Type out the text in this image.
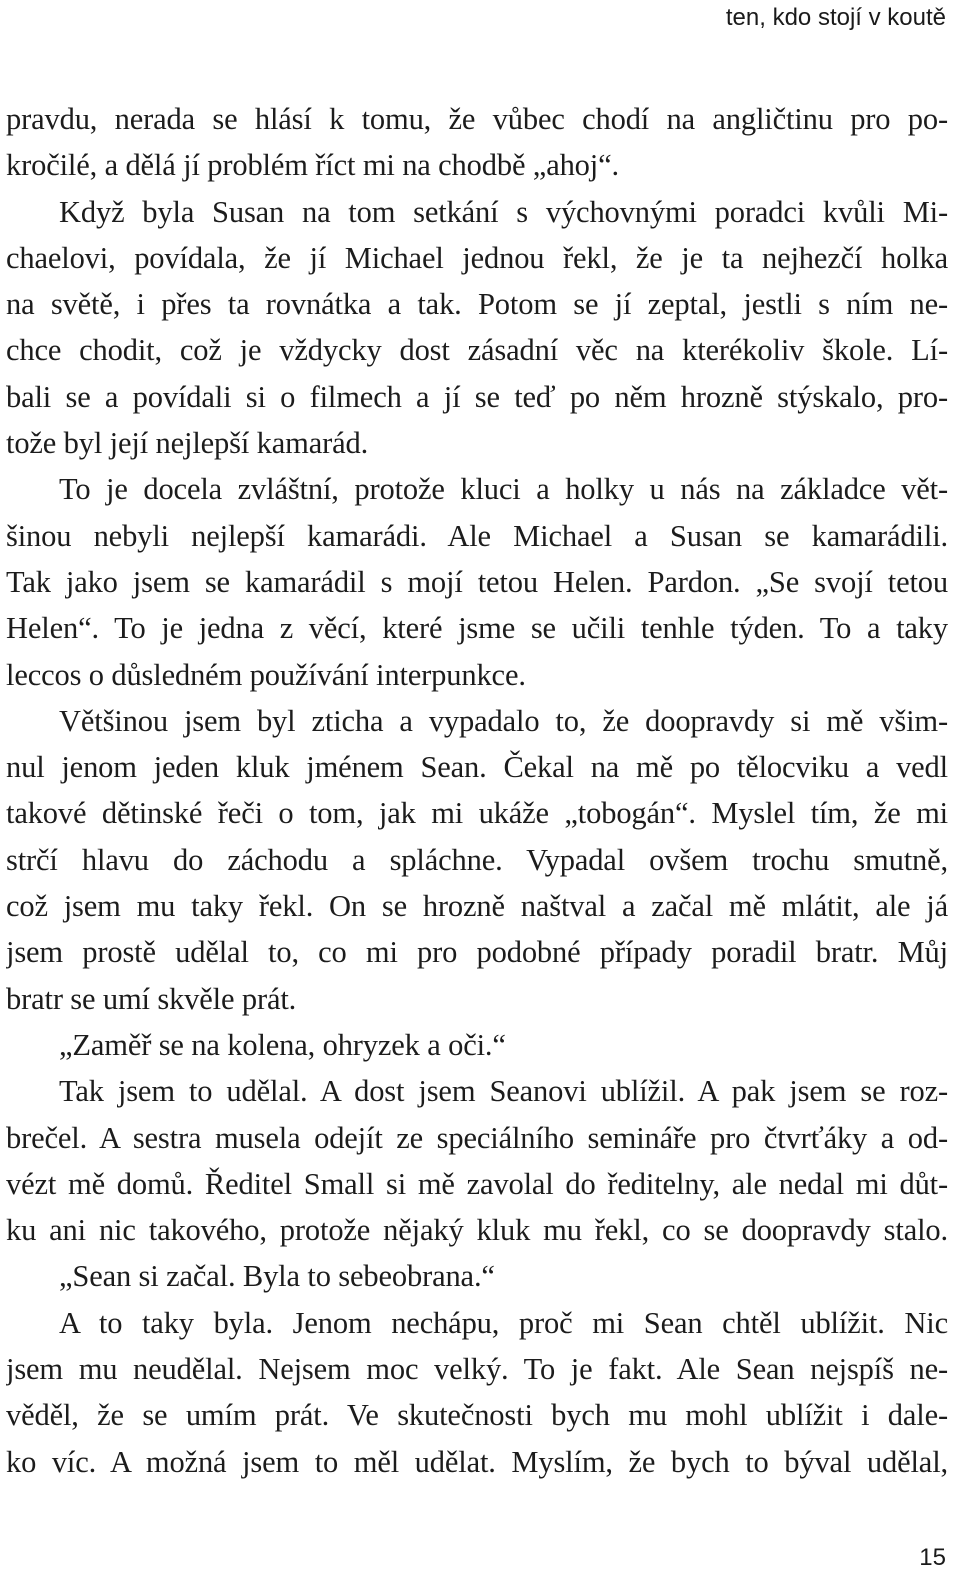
ten, kdo stojí v koutě
pravdu, nerada se hlásí k tomu, že vůbec chodí na angličtinu pro po-
kročilé, a dělá jí problém říct mi na chodbě „ahoj“.
Když byla Susan na tom setkání s výchovnými poradci kvůli Mi-
chaelovi, povídala, že jí Michael jednou řekl, že je ta nejhezčí holka
na světě, i přes ta rovnátka a tak. Potom se jí zeptal, jestli s ním ne-
chce chodit, což je vždycky dost zásadní věc na kterékoliv škole. Lí-
bali se a povídali si o filmech a jí se teď po něm hrozně stýskalo, pro-
tože byl její nejlepší kamarád.
To je docela zvláštní, protože kluci a holky u nás na základce vět-
šinou nebyli nejlepší kamarádi. Ale Michael a Susan se kamarádili.
Tak jako jsem se kamarádil s mojí tetou Helen. Pardon. „Se svojí tetou
Helen“. To je jedna z věcí, které jsme se učili tenhle týden. To a taky
leccos o důsledném používání interpunkce.
Většinou jsem byl zticha a vypadalo to, že doopravdy si mě všim-
nul jenom jeden kluk jménem Sean. Čekal na mě po tělocviku a vedl
takové dětinské řeči o tom, jak mi ukáže „tobogán“. Myslel tím, že mi
strčí hlavu do záchodu a spláchne. Vypadal ovšem trochu smutně,
což jsem mu taky řekl. On se hrozně naštval a začal mě mlátit, ale já
jsem prostě udělal to, co mi pro podobné případy poradil bratr. Můj
bratr se umí skvěle prát.
„Zaměř se na kolena, ohryzek a oči.“
Tak jsem to udělal. A dost jsem Seanovi ublížil. A pak jsem se roz-
brečel. A sestra musela odejít ze speciálního semináře pro čtvrťáky a od-
vézt mě domů. Ředitel Small si mě zavolal do ředitelny, ale nedal mi důt-
ku ani nic takového, protože nějaký kluk mu řekl, co se doopravdy stalo.
„Sean si začal. Byla to sebeobrana.“
A to taky byla. Jenom nechápu, proč mi Sean chtěl ublížit. Nic
jsem mu neudělal. Nejsem moc velký. To je fakt. Ale Sean nejspíš ne-
věděl, že se umím prát. Ve skutečnosti bych mu mohl ublížit i dale-
ko víc. A možná jsem to měl udělat. Myslím, že bych to býval udělal,
15
